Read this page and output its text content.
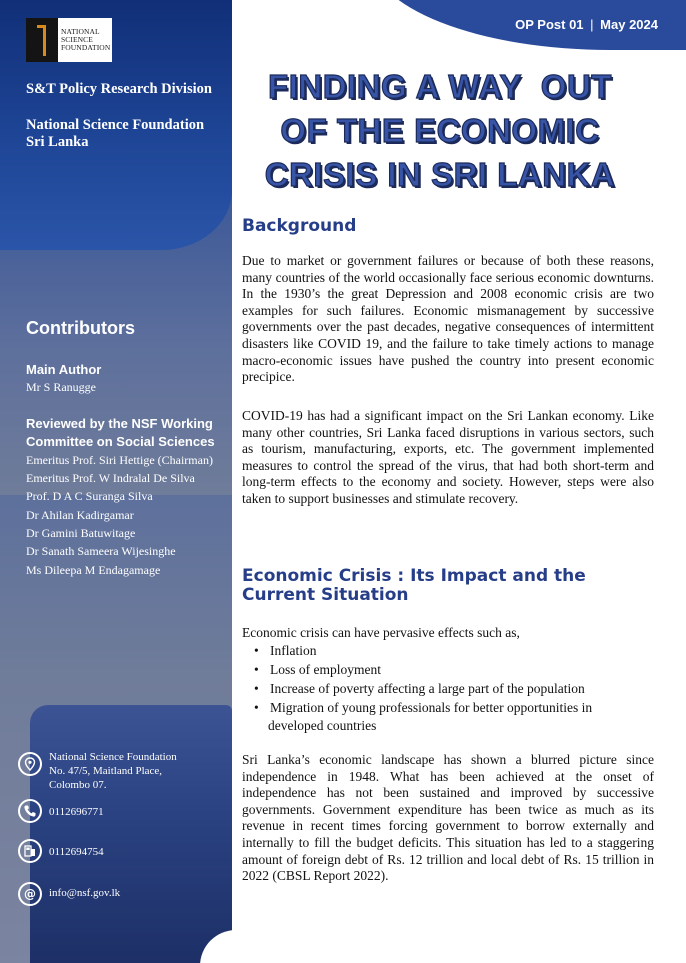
NATIONAL
SCIENCE
FOUNDATION
S&T Policy Research Division
National Science Foundation
Sri Lanka
Contributors
Main Author
Mr S Ranugge
Reviewed by the NSF Working
Committee on Social Sciences
Emeritus Prof. Siri Hettige (Chairman)
Emeritus Prof. W Indralal De Silva
Prof. D A C Suranga Silva
Dr Ahilan Kadirgamar
Dr Gamini Batuwitage
Dr Sanath Sameera Wijesinghe
Ms Dileepa M Endagamage
National Science Foundation
No. 47/5, Maitland Place,
Colombo 07.
0112696771
0112694754
@ info@nsf.gov.lk
OP Post 01 | May 2024
FINDING A WAY  OUT
OF THE ECONOMIC
CRISIS IN SRI LANKA
Background
Due to market or government failures or because of both these reasons, many countries of the world occasionally face serious economic downturns. In the 1930’s the great Depression and 2008 economic crisis are two examples for such failures. Economic mismanagement by successive governments over the past decades, negative consequences of intermittent disasters like COVID 19, and the failure to take timely actions to manage macro-economic issues have pushed the country into present economic precipice.
COVID-19 has had a significant impact on the Sri Lankan economy. Like many other countries, Sri Lanka faced disruptions in various sectors, such as tourism, manufacturing, exports, etc. The government implemented measures to control the spread of the virus, that had both short-term and long-term effects to the economy and society. However, steps were also taken to support businesses and stimulate recovery.
Economic Crisis : Its Impact and the
Current Situation
Economic crisis can have pervasive effects such as,
• Inflation
• Loss of employment
• Increase of poverty affecting a large part of the population
• Migration of young professionals for better opportunities in
developed countries
Sri Lanka’s economic landscape has shown a blurred picture since independence in 1948. What has been achieved at the onset of independence has not been sustained and improved by successive governments. Government expenditure has been twice as much as its revenue in recent times forcing government to borrow externally and internally to fill the budget deficits. This situation has led to a staggering amount of foreign debt of Rs. 12 trillion and local debt of Rs. 15 trillion in 2022 (CBSL Report 2022).
